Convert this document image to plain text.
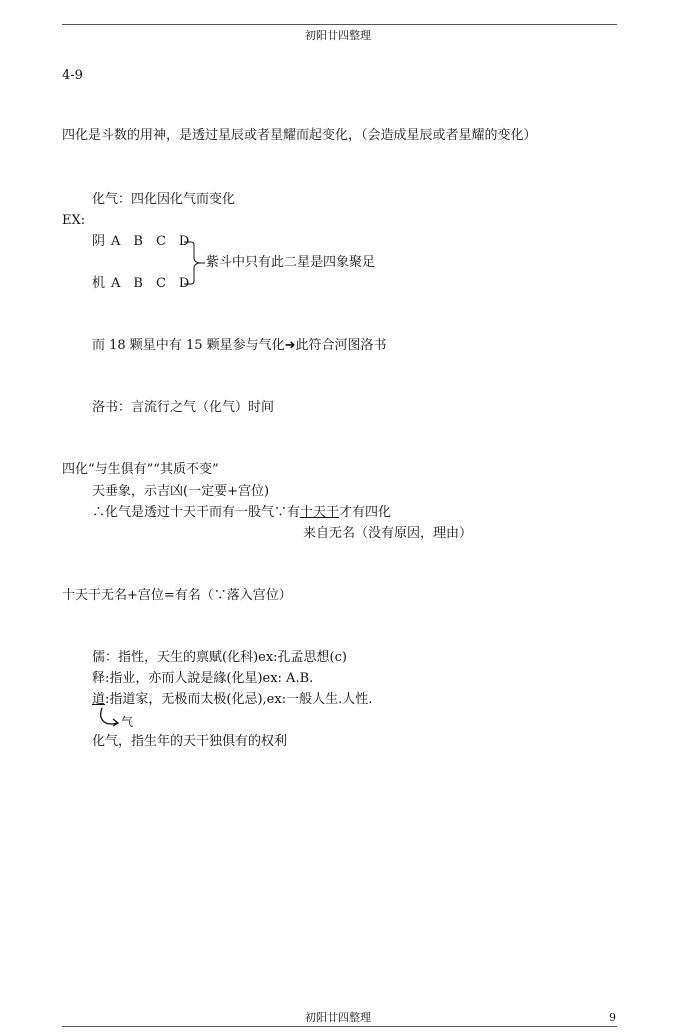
初阳廿四整理
4-9
四化是斗数的用神，是透过星辰或者星耀而起变化，（会造成星辰或者星耀的变化）
化气：四化因化气而变化
EX:
阴 A　B　C　D
机 A　B　C　D
紫斗中只有此二星是四象聚足
而 18 颗星中有 15 颗星参与气化➜此符合河图洛书
洛书：言流行之气（化气）时间
四化“与生俱有”“其质不变”
天垂象，示吉凶(一定要+宫位)
∴化气是透过十天干而有一股气∵有十天干才有四化
来自无名（没有原因，理由）
十天干无名+宫位=有名（∵落入宫位）
儒：指性，天生的禀赋(化科)ex:孔孟思想(c)
释:指业，亦而人說是緣(化星)ex: A.B.
道:指道家，无极而太极(化忌),ex:一般人生.人性.
气
化气，指生年的天干独俱有的权利
初阳廿四整理	9
